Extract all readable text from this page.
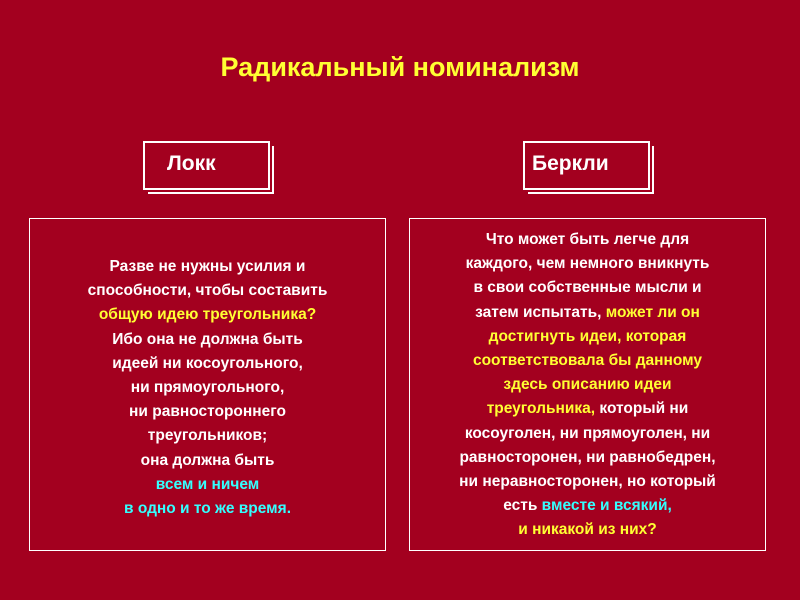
Радикальный номинализм
Локк	Беркли
Разве не нужны усилия и
способности, чтобы составить
общую идею треугольника?
Ибо она не должна быть
идеей ни косоугольного,
ни прямоугольного,
ни равностороннего
треугольников;
она должна быть
всем и ничем
в одно и то же время.
Что может быть легче для
каждого, чем немного вникнуть
в свои собственные мысли и
затем испытать, может ли он
достигнуть идеи, которая
соответствовала бы данному
здесь описанию идеи
треугольника, который ни
косоуголен, ни прямоуголен, ни
равносторонен, ни равнобедрен,
ни неравносторонен, но который
есть вместе и всякий,
и никакой из них?
